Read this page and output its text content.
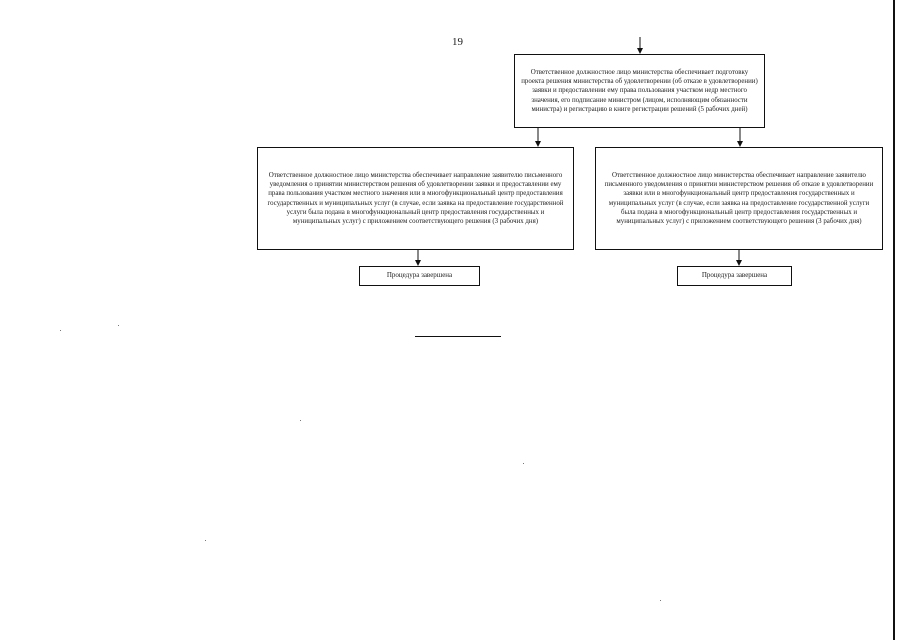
19
Ответственное должностное лицо министерства обеспечивает подготовку проекта решения министерства об удовлетворении (об отказе в удовлетворении) заявки и предоставлении ему права пользования участком недр местного значения, его подписание министром (лицом, исполняющим обязанности министра) и регистрацию в книге регистрации решений (5 рабочих дней)
Ответственное должностное лицо министерства обеспечивает направление заявителю письменного уведомления о принятии министерством решения об удовлетворении заявки и предоставлении ему права пользования участком местного значения или в многофункциональный центр предоставления государственных и муниципальных услуг (в случае, если заявка на предоставление государственной услуги была подана в многофункциональный центр предоставления государственных и муниципальных услуг) с приложением соответствующего решения (3 рабочих дня)
Ответственное должностное лицо министерства обеспечивает направление заявителю письменного уведомления о принятии министерством решения об отказе в удовлетворении заявки или в многофункциональный центр предоставления государственных и муниципальных услуг (в случае, если заявка на предоставление государственной услуги была подана в многофункциональный центр предоставления государственных и муниципальных услуг) с приложением соответствующего решения (3 рабочих дня)
Процедура завершена	Процедура завершена
